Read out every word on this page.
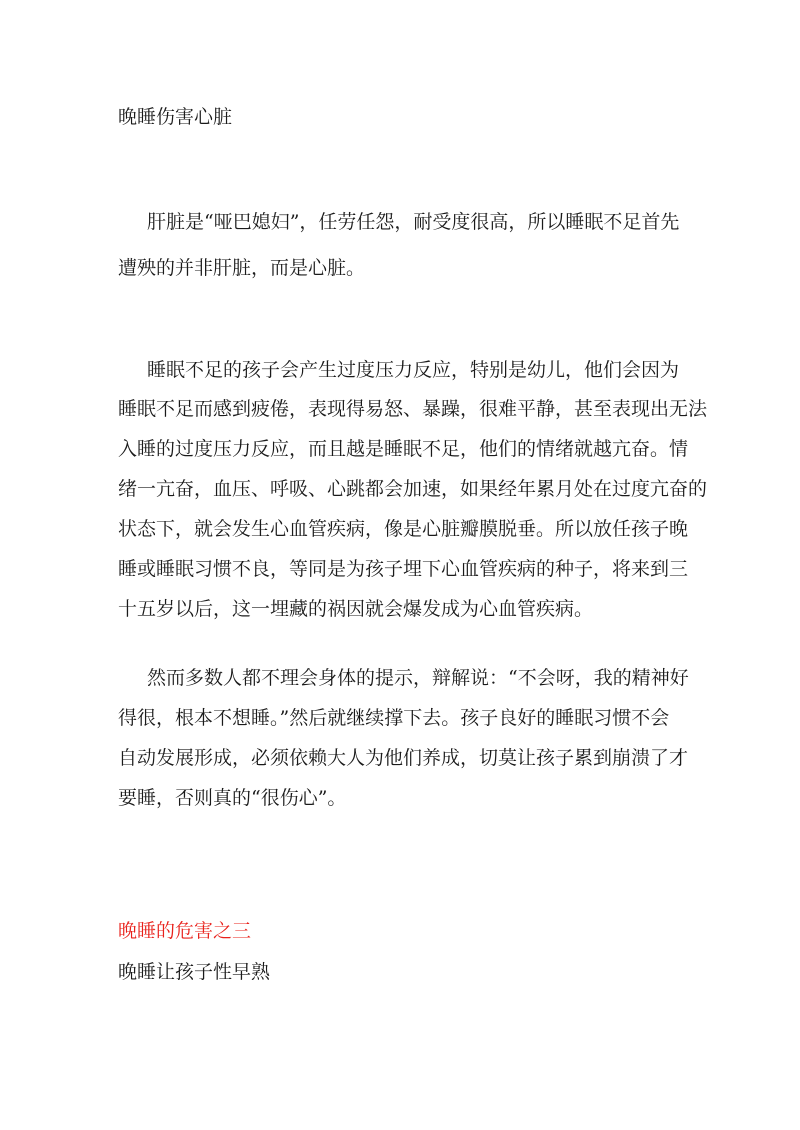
晚睡伤害心脏
肝脏是“哑巴媳妇”，任劳任怨，耐受度很高，所以睡眠不足首先
遭殃的并非肝脏，而是心脏。
睡眠不足的孩子会产生过度压力反应，特别是幼儿，他们会因为
睡眠不足而感到疲倦，表现得易怒、暴躁，很难平静，甚至表现出无法
入睡的过度压力反应，而且越是睡眠不足，他们的情绪就越亢奋。情
绪一亢奋，血压、呼吸、心跳都会加速，如果经年累月处在过度亢奋的
状态下，就会发生心血管疾病，像是心脏瓣膜脱垂。所以放任孩子晚
睡或睡眠习惯不良，等同是为孩子埋下心血管疾病的种子，将来到三
十五岁以后，这一埋藏的祸因就会爆发成为心血管疾病。
然而多数人都不理会身体的提示，辩解说：“不会呀，我的精神好
得很，根本不想睡。”然后就继续撑下去。孩子良好的睡眠习惯不会
自动发展形成，必须依赖大人为他们养成，切莫让孩子累到崩溃了才
要睡，否则真的“很伤心”。
晚睡的危害之三
晚睡让孩子性早熟
